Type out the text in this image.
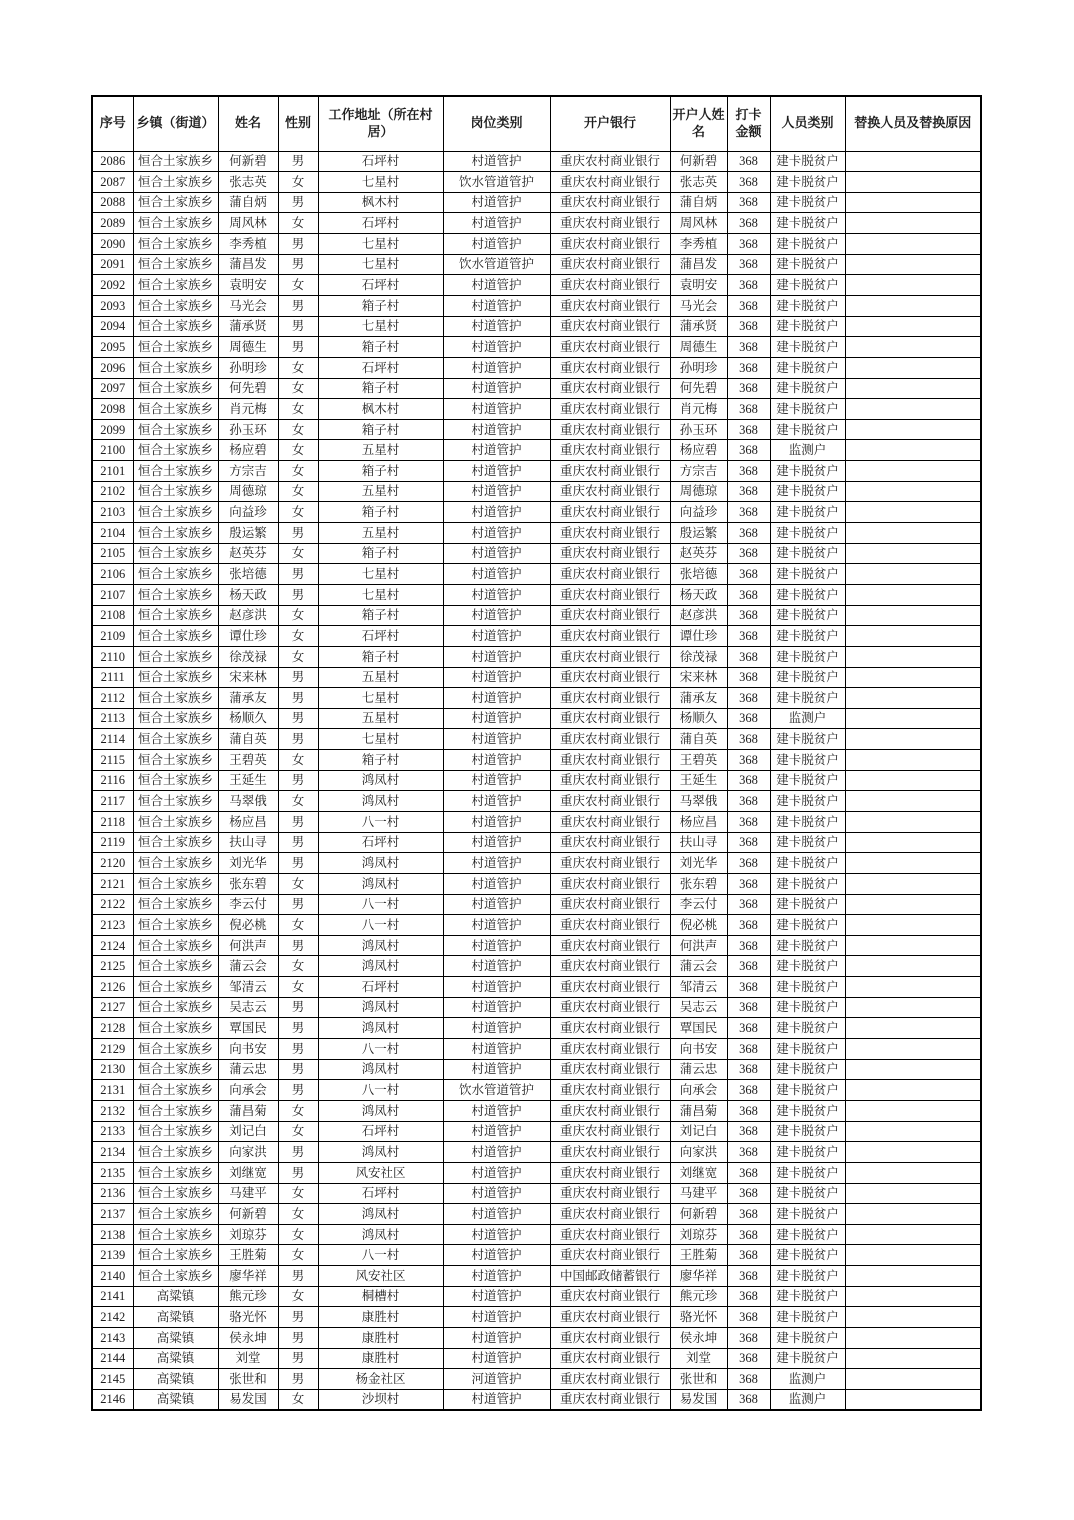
序号	乡镇（街道）	姓名	性别	工作地址（所在村居）	岗位类别	开户银行	开户人姓名	打卡金额	人员类别	替换人员及替换原因
2086	恒合土家族乡	何新碧	男	石坪村	村道管护	重庆农村商业银行	何新碧	368	建卡脱贫户	
2087	恒合土家族乡	张志英	女	七星村	饮水管道管护	重庆农村商业银行	张志英	368	建卡脱贫户	
2088	恒合土家族乡	蒲自炳	男	枫木村	村道管护	重庆农村商业银行	蒲自炳	368	建卡脱贫户	
2089	恒合土家族乡	周风林	女	石坪村	村道管护	重庆农村商业银行	周风林	368	建卡脱贫户	
2090	恒合土家族乡	李秀植	男	七星村	村道管护	重庆农村商业银行	李秀植	368	建卡脱贫户	
2091	恒合土家族乡	蒲昌发	男	七星村	饮水管道管护	重庆农村商业银行	蒲昌发	368	建卡脱贫户	
2092	恒合土家族乡	袁明安	女	石坪村	村道管护	重庆农村商业银行	袁明安	368	建卡脱贫户	
2093	恒合土家族乡	马光会	男	箱子村	村道管护	重庆农村商业银行	马光会	368	建卡脱贫户	
2094	恒合土家族乡	蒲承贤	男	七星村	村道管护	重庆农村商业银行	蒲承贤	368	建卡脱贫户	
2095	恒合土家族乡	周德生	男	箱子村	村道管护	重庆农村商业银行	周德生	368	建卡脱贫户	
2096	恒合土家族乡	孙明珍	女	石坪村	村道管护	重庆农村商业银行	孙明珍	368	建卡脱贫户	
2097	恒合土家族乡	何先碧	女	箱子村	村道管护	重庆农村商业银行	何先碧	368	建卡脱贫户	
2098	恒合土家族乡	肖元梅	女	枫木村	村道管护	重庆农村商业银行	肖元梅	368	建卡脱贫户	
2099	恒合土家族乡	孙玉环	女	箱子村	村道管护	重庆农村商业银行	孙玉环	368	建卡脱贫户	
2100	恒合土家族乡	杨应碧	女	五星村	村道管护	重庆农村商业银行	杨应碧	368	监测户	
2101	恒合土家族乡	方宗吉	女	箱子村	村道管护	重庆农村商业银行	方宗吉	368	建卡脱贫户	
2102	恒合土家族乡	周德琼	女	五星村	村道管护	重庆农村商业银行	周德琼	368	建卡脱贫户	
2103	恒合土家族乡	向益珍	女	箱子村	村道管护	重庆农村商业银行	向益珍	368	建卡脱贫户	
2104	恒合土家族乡	殷运繁	男	五星村	村道管护	重庆农村商业银行	殷运繁	368	建卡脱贫户	
2105	恒合土家族乡	赵英芬	女	箱子村	村道管护	重庆农村商业银行	赵英芬	368	建卡脱贫户	
2106	恒合土家族乡	张培德	男	七星村	村道管护	重庆农村商业银行	张培德	368	建卡脱贫户	
2107	恒合土家族乡	杨天政	男	七星村	村道管护	重庆农村商业银行	杨天政	368	建卡脱贫户	
2108	恒合土家族乡	赵彦洪	女	箱子村	村道管护	重庆农村商业银行	赵彦洪	368	建卡脱贫户	
2109	恒合土家族乡	谭仕珍	女	石坪村	村道管护	重庆农村商业银行	谭仕珍	368	建卡脱贫户	
2110	恒合土家族乡	徐茂禄	女	箱子村	村道管护	重庆农村商业银行	徐茂禄	368	建卡脱贫户	
2111	恒合土家族乡	宋来林	男	五星村	村道管护	重庆农村商业银行	宋来林	368	建卡脱贫户	
2112	恒合土家族乡	蒲承友	男	七星村	村道管护	重庆农村商业银行	蒲承友	368	建卡脱贫户	
2113	恒合土家族乡	杨顺久	男	五星村	村道管护	重庆农村商业银行	杨顺久	368	监测户	
2114	恒合土家族乡	蒲自英	男	七星村	村道管护	重庆农村商业银行	蒲自英	368	建卡脱贫户	
2115	恒合土家族乡	王碧英	女	箱子村	村道管护	重庆农村商业银行	王碧英	368	建卡脱贫户	
2116	恒合土家族乡	王延生	男	鸿凤村	村道管护	重庆农村商业银行	王延生	368	建卡脱贫户	
2117	恒合土家族乡	马翠俄	女	鸿凤村	村道管护	重庆农村商业银行	马翠俄	368	建卡脱贫户	
2118	恒合土家族乡	杨应昌	男	八一村	村道管护	重庆农村商业银行	杨应昌	368	建卡脱贫户	
2119	恒合土家族乡	扶山寻	男	石坪村	村道管护	重庆农村商业银行	扶山寻	368	建卡脱贫户	
2120	恒合土家族乡	刘光华	男	鸿凤村	村道管护	重庆农村商业银行	刘光华	368	建卡脱贫户	
2121	恒合土家族乡	张东碧	女	鸿凤村	村道管护	重庆农村商业银行	张东碧	368	建卡脱贫户	
2122	恒合土家族乡	李云付	男	八一村	村道管护	重庆农村商业银行	李云付	368	建卡脱贫户	
2123	恒合土家族乡	倪必桃	女	八一村	村道管护	重庆农村商业银行	倪必桃	368	建卡脱贫户	
2124	恒合土家族乡	何洪声	男	鸿凤村	村道管护	重庆农村商业银行	何洪声	368	建卡脱贫户	
2125	恒合土家族乡	蒲云会	女	鸿凤村	村道管护	重庆农村商业银行	蒲云会	368	建卡脱贫户	
2126	恒合土家族乡	邹清云	女	石坪村	村道管护	重庆农村商业银行	邹清云	368	建卡脱贫户	
2127	恒合土家族乡	吴志云	男	鸿凤村	村道管护	重庆农村商业银行	吴志云	368	建卡脱贫户	
2128	恒合土家族乡	覃国民	男	鸿凤村	村道管护	重庆农村商业银行	覃国民	368	建卡脱贫户	
2129	恒合土家族乡	向书安	男	八一村	村道管护	重庆农村商业银行	向书安	368	建卡脱贫户	
2130	恒合土家族乡	蒲云忠	男	鸿凤村	村道管护	重庆农村商业银行	蒲云忠	368	建卡脱贫户	
2131	恒合土家族乡	向承会	男	八一村	饮水管道管护	重庆农村商业银行	向承会	368	建卡脱贫户	
2132	恒合土家族乡	蒲昌菊	女	鸿凤村	村道管护	重庆农村商业银行	蒲昌菊	368	建卡脱贫户	
2133	恒合土家族乡	刘记白	女	石坪村	村道管护	重庆农村商业银行	刘记白	368	建卡脱贫户	
2134	恒合土家族乡	向家洪	男	鸿凤村	村道管护	重庆农村商业银行	向家洪	368	建卡脱贫户	
2135	恒合土家族乡	刘继宽	男	风安社区	村道管护	重庆农村商业银行	刘继宽	368	建卡脱贫户	
2136	恒合土家族乡	马建平	女	石坪村	村道管护	重庆农村商业银行	马建平	368	建卡脱贫户	
2137	恒合土家族乡	何新碧	女	鸿凤村	村道管护	重庆农村商业银行	何新碧	368	建卡脱贫户	
2138	恒合土家族乡	刘琼芬	女	鸿凤村	村道管护	重庆农村商业银行	刘琼芬	368	建卡脱贫户	
2139	恒合土家族乡	王胜菊	女	八一村	村道管护	重庆农村商业银行	王胜菊	368	建卡脱贫户	
2140	恒合土家族乡	廖华祥	男	风安社区	村道管护	中国邮政储蓄银行	廖华祥	368	建卡脱贫户	
2141	高粱镇	熊元珍	女	桐槽村	村道管护	重庆农村商业银行	熊元珍	368	建卡脱贫户	
2142	高粱镇	骆光怀	男	康胜村	村道管护	重庆农村商业银行	骆光怀	368	建卡脱贫户	
2143	高粱镇	侯永坤	男	康胜村	村道管护	重庆农村商业银行	侯永坤	368	建卡脱贫户	
2144	高粱镇	刘堂	男	康胜村	村道管护	重庆农村商业银行	刘堂	368	建卡脱贫户	
2145	高粱镇	张世和	男	杨金社区	河道管护	重庆农村商业银行	张世和	368	监测户	
2146	高粱镇	易发国	女	沙坝村	村道管护	重庆农村商业银行	易发国	368	监测户	
